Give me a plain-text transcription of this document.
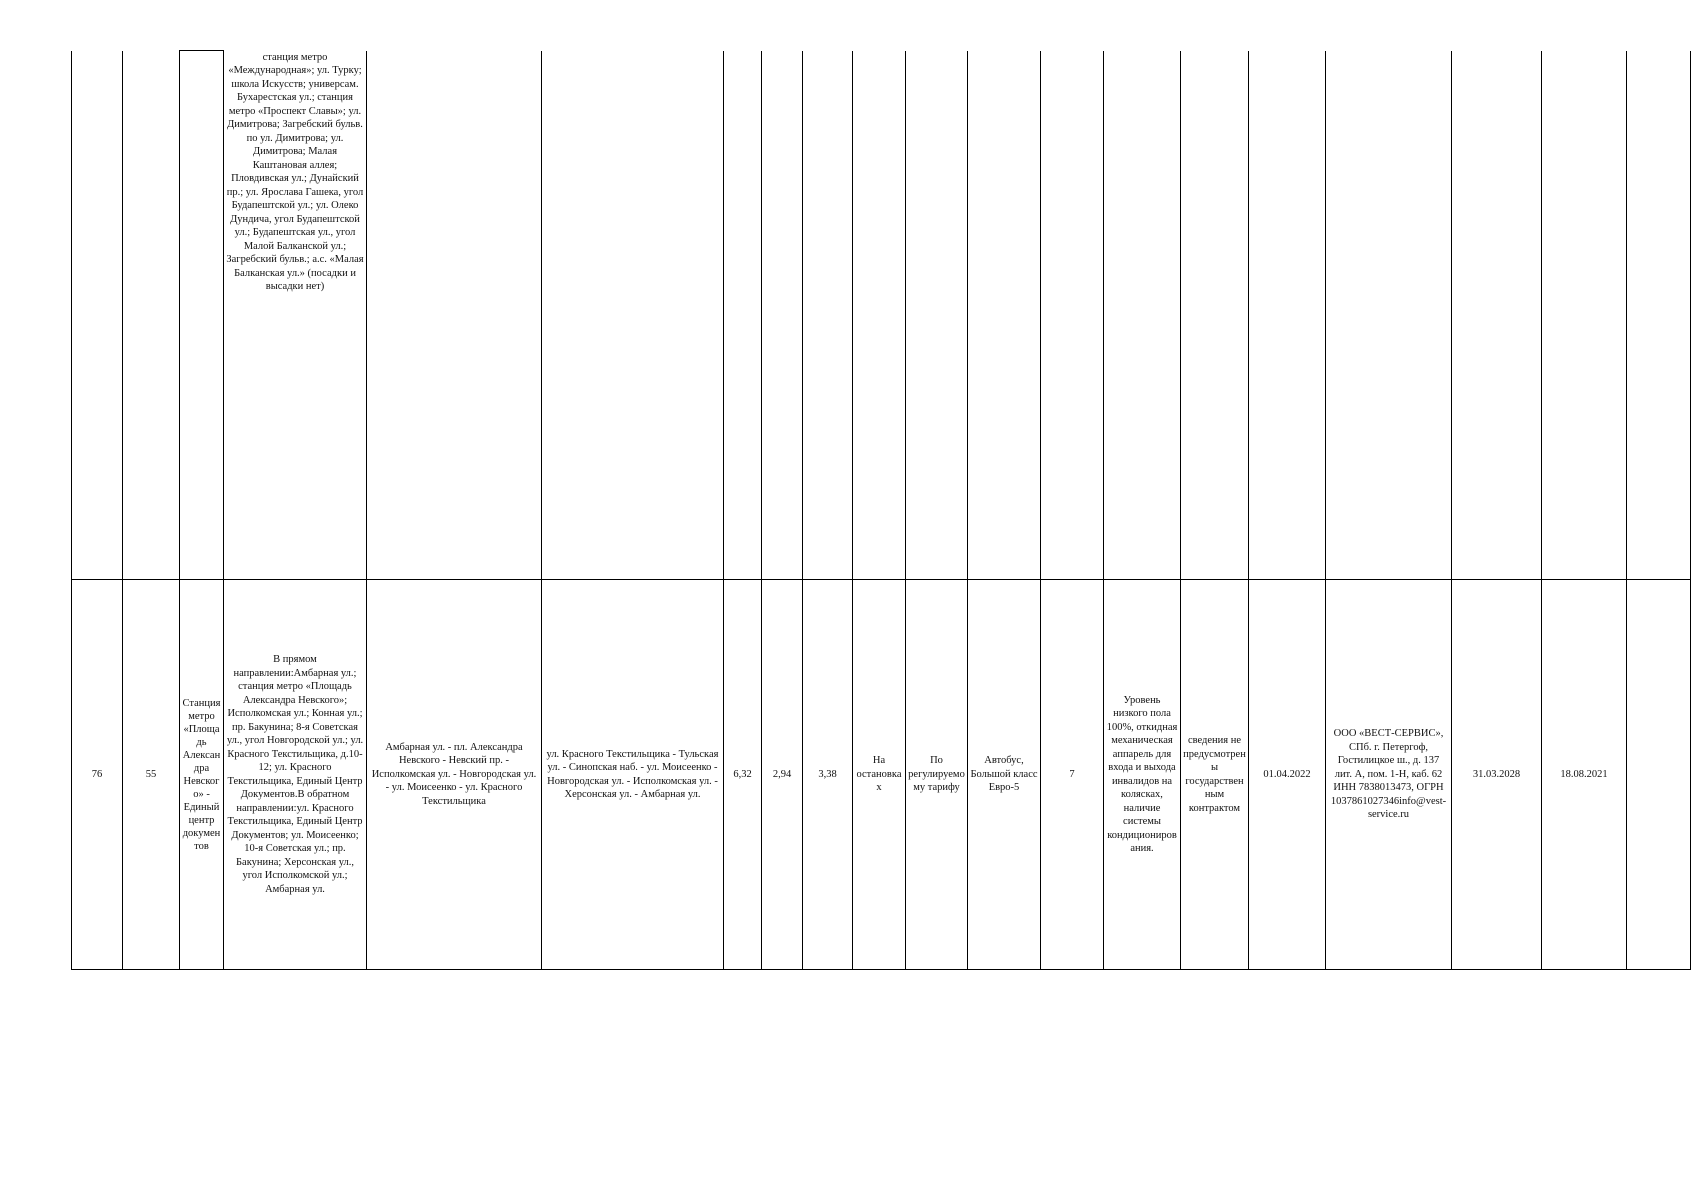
			станция метро «Международная»; ул. Турку; школа Искусств; универсам. Бухарестская ул.; станция метро «Проспект Славы»; ул. Димитрова; Загребский бульв. по ул. Димитрова; ул. Димитрова; Малая Каштановая аллея; Пловдивская ул.; Дунайский пр.; ул. Ярослава Гашека, угол Будапештской ул.; ул. Олеко Дундича, угол Будапештской ул.; Будапештская ул., угол Малой Балканской ул.; Загребский бульв.; а.с. «Малая Балканская ул.» (посадки и высадки нет)																

76	55	Станция метро «Площадь Александра Невского» - Единый центр документов	В прямом направлении:Амбарная ул.; станция метро «Площадь Александра Невского»; Исполкомская ул.; Конная ул.; пр. Бакунина; 8-я Советская ул., угол Новгородской ул.; ул. Красного Текстильщика, д.10-12; ул. Красного Текстильщика, Единый Центр Документов.В обратном направлении:ул. Красного Текстильщика, Единый Центр Документов; ул. Моисеенко; 10-я Советская ул.; пр. Бакунина; Херсонская ул., угол Исполкомской ул.; Амбарная ул.	Амбарная ул. - пл. Александра Невского - Невский пр. - Исполкомская ул. - Новгородская ул. - ул. Моисеенко - ул. Красного Текстильщика	ул. Красного Текстильщика - Тульская ул. - Синопская наб. - ул. Моисеенко - Новгородская ул. - Исполкомская ул. - Херсонская ул. - Амбарная ул.	6,32	2,94	3,38	На остановках	По регулируемому тарифу	Автобус, Большой класс Евро-5	7	Уровень низкого пола 100%, откидная механическая аппарель для входа и выхода инвалидов на колясках, наличие системы кондиционирования.	сведения не предусмотрены государственным контрактом	01.04.2022	ООО «ВЕСТ-СЕРВИС», СПб. г. Петергоф, Гостилицкое ш., д. 137 лит. А, пом. 1-Н, каб. 62 ИНН 7838013473, ОГРН 1037861027346info@vest-service.ru	31.03.2028	18.08.2021	
